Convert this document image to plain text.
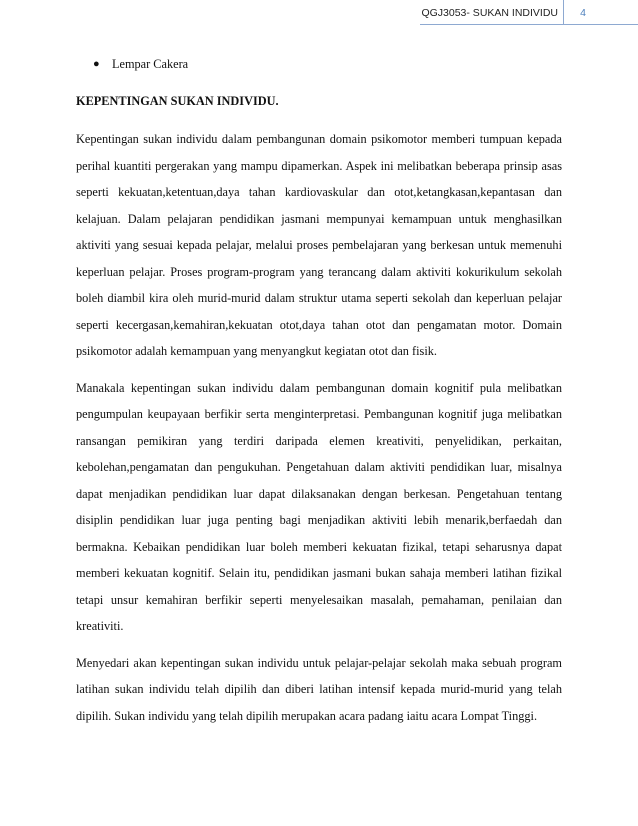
QGJ3053- SUKAN INDIVIDU 4
● Lempar Cakera
KEPENTINGAN SUKAN INDIVIDU.

Kepentingan sukan individu dalam pembangunan domain psikomotor memberi tumpuan kepada perihal kuantiti pergerakan yang mampu dipamerkan. Aspek ini melibatkan beberapa prinsip asas seperti kekuatan,ketentuan,daya tahan kardiovaskular dan otot,ketangkasan,kepantasan dan kelajuan. Dalam pelajaran pendidikan jasmani mempunyai kemampuan untuk menghasilkan aktiviti yang sesuai kepada pelajar, melalui proses pembelajaran yang berkesan untuk memenuhi keperluan pelajar. Proses program-program yang terancang dalam aktiviti kokurikulum sekolah boleh diambil kira oleh murid-murid dalam struktur utama seperti sekolah dan keperluan pelajar seperti kecergasan,kemahiran,kekuatan otot,daya tahan otot dan pengamatan motor. Domain psikomotor adalah kemampuan yang menyangkut kegiatan otot dan fisik.

Manakala kepentingan sukan individu dalam pembangunan domain kognitif pula melibatkan pengumpulan keupayaan berfikir serta menginterpretasi. Pembangunan kognitif juga melibatkan ransangan pemikiran yang terdiri daripada elemen kreativiti, penyelidikan, perkaitan, kebolehan,pengamatan dan pengukuhan. Pengetahuan dalam aktiviti pendidikan luar, misalnya dapat menjadikan pendidikan luar dapat dilaksanakan dengan berkesan. Pengetahuan tentang disiplin pendidikan luar juga penting bagi menjadikan aktiviti lebih menarik,berfaedah dan bermakna. Kebaikan pendidikan luar boleh memberi kekuatan fizikal, tetapi seharusnya dapat memberi kekuatan kognitif. Selain itu, pendidikan jasmani bukan sahaja memberi latihan fizikal tetapi unsur kemahiran berfikir seperti menyelesaikan masalah, pemahaman, penilaian dan kreativiti.

Menyedari akan kepentingan sukan individu untuk pelajar-pelajar sekolah maka sebuah program latihan sukan individu telah dipilih dan diberi latihan intensif kepada murid-murid yang telah dipilih. Sukan individu yang telah dipilih merupakan acara padang iaitu acara Lompat Tinggi.
